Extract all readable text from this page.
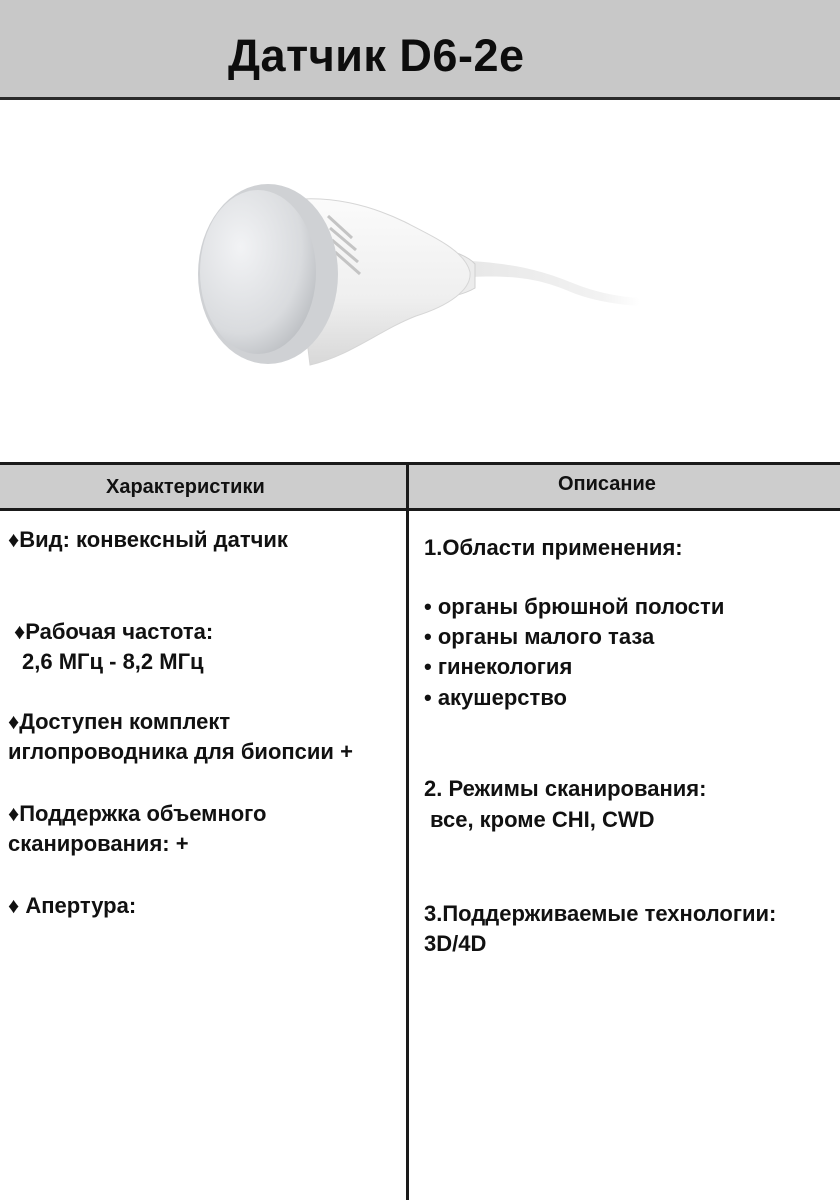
Датчик D6-2e
Характеристики	Описание
♦Вид: конвексный датчик
♦Рабочая частота:
2,6 МГц - 8,2 МГц
♦Доступен комплект
иглопроводника для биопсии +
♦Поддержка объемного
сканирования: +
♦ Апертура:
1.Области применения:
• органы брюшной полости
• органы малого таза
• гинекология
• акушерство
2. Режимы сканирования:
все, кроме CHI, CWD
3.Поддерживаемые технологии:
3D/4D
